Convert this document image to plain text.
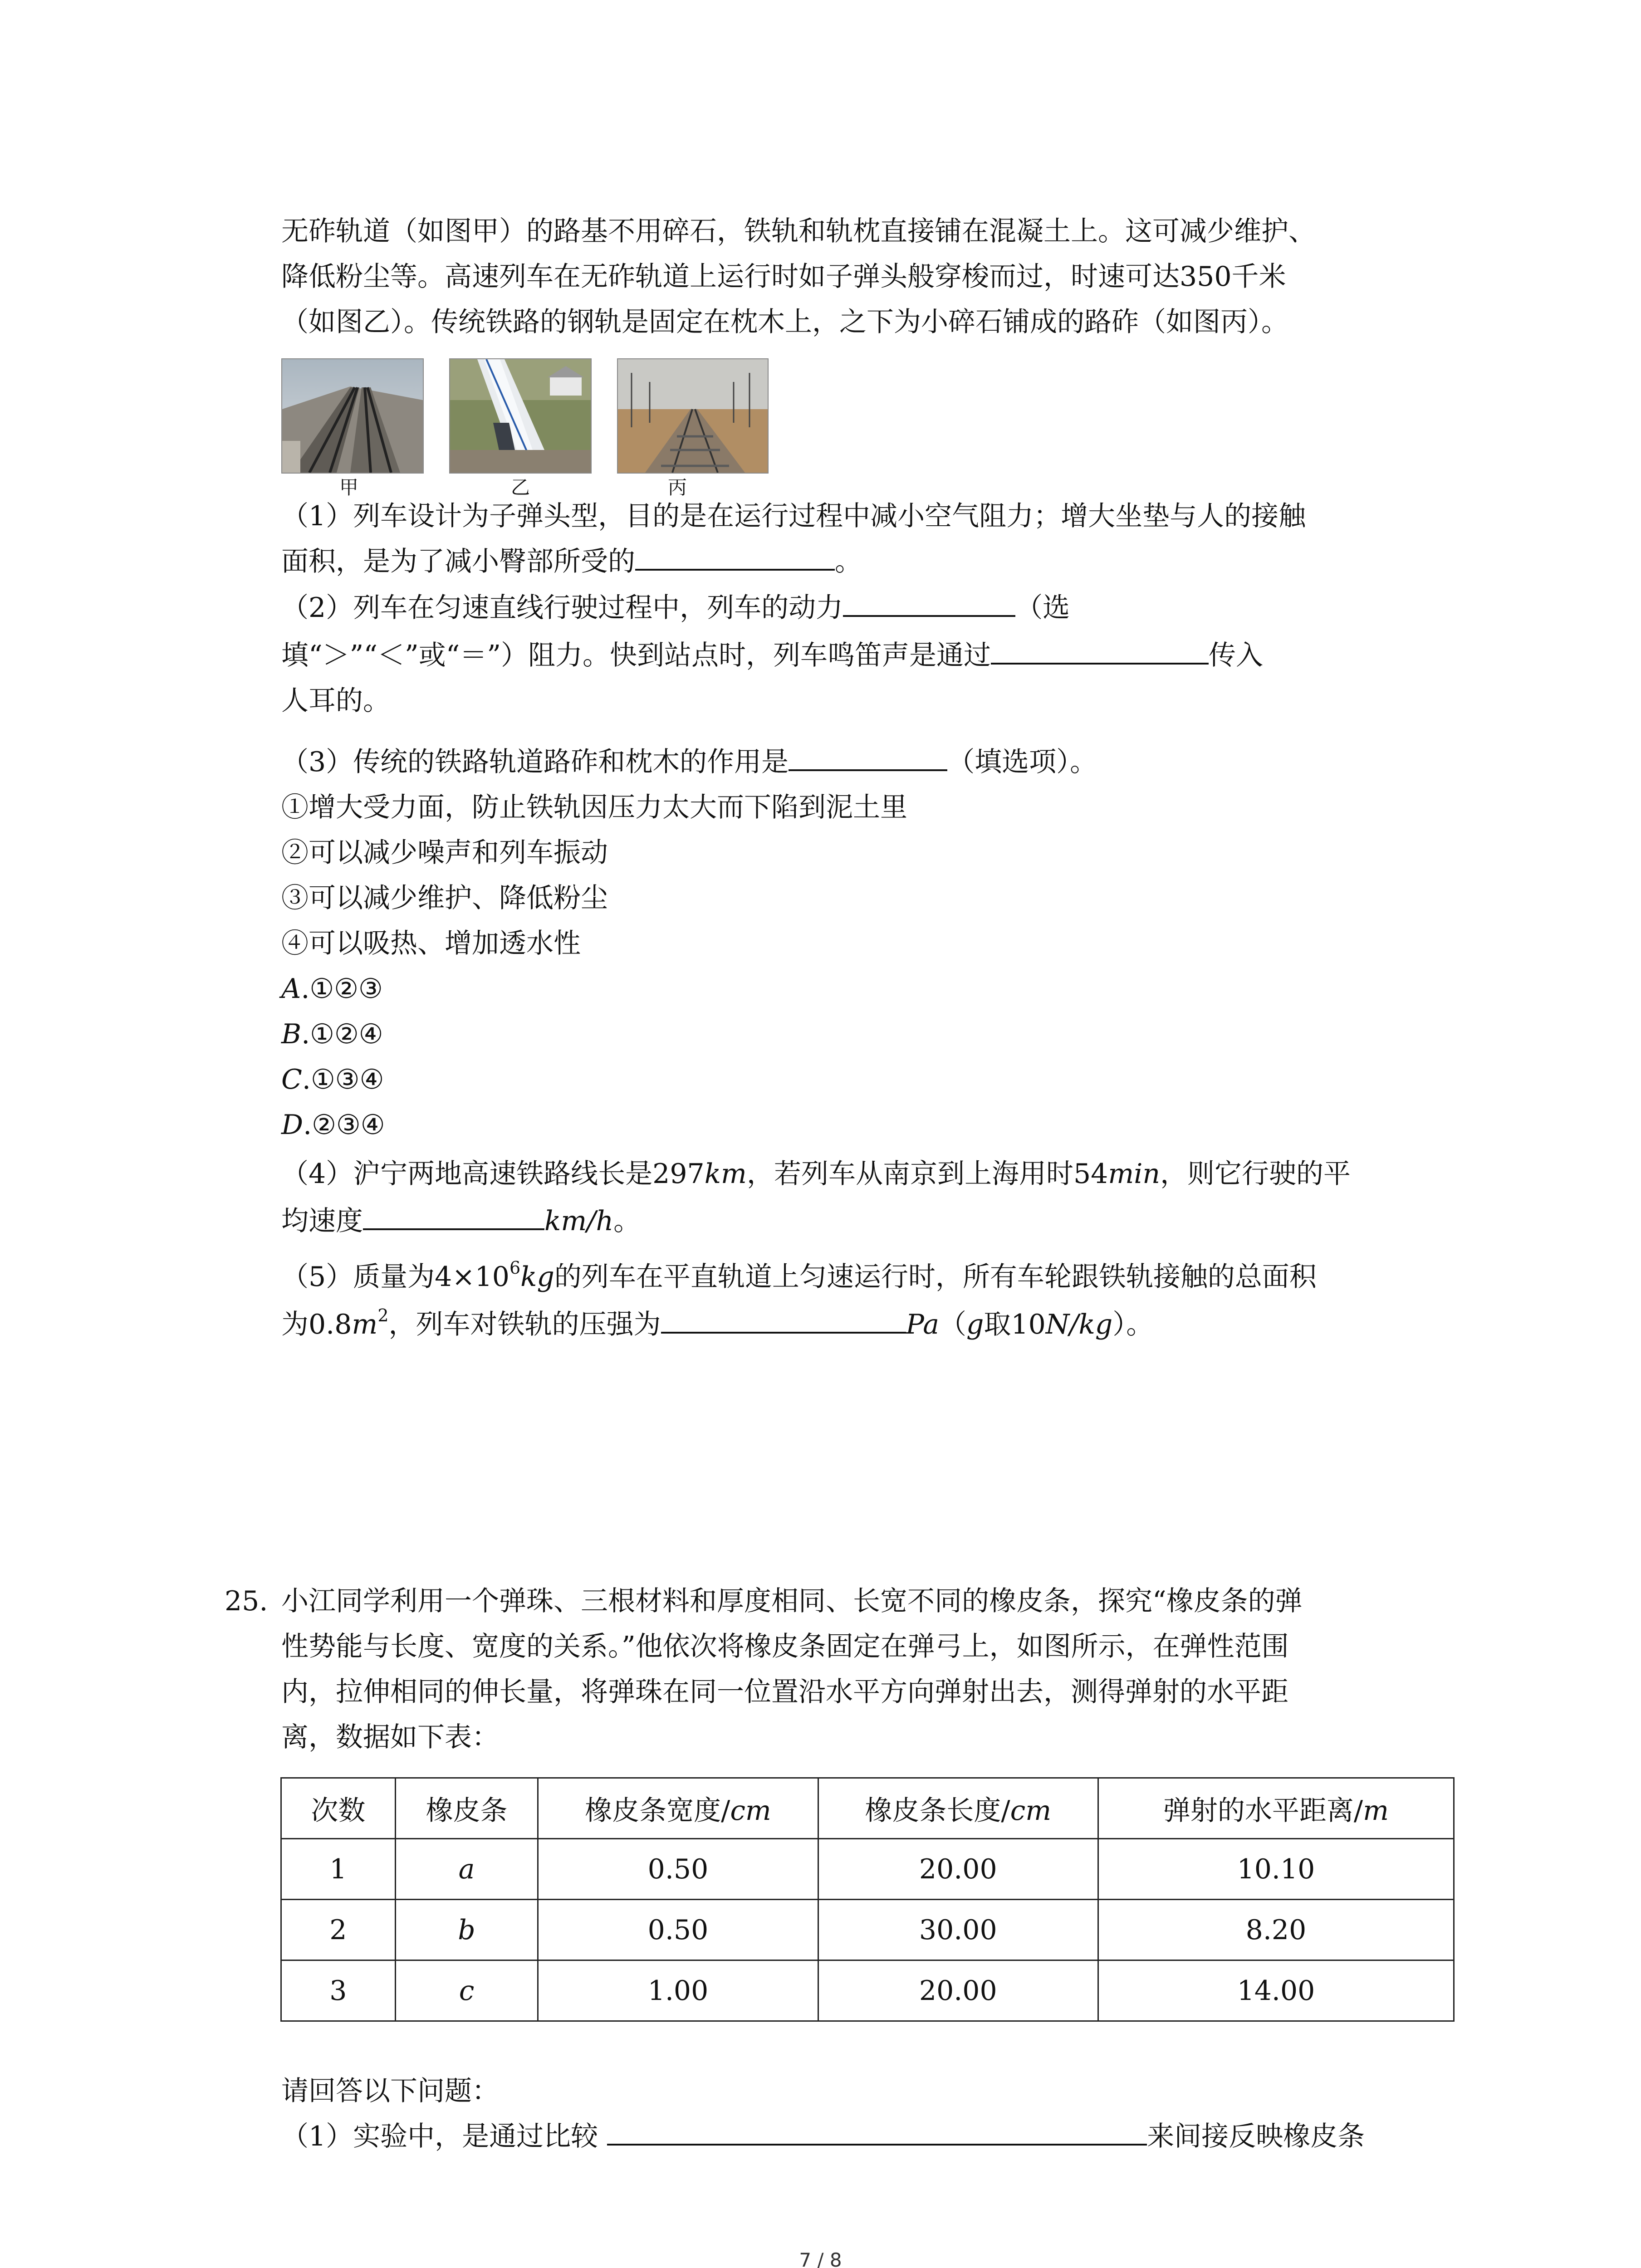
无砟轨道（如图甲）的路基不用碎石，铁轨和轨枕直接铺在混凝土上。这可减少维护、
降低粉尘等。高速列车在无砟轨道上运行时如子弹头般穿梭而过，时速可达350千米
（如图乙）。传统铁路的钢轨是固定在枕木上，之下为小碎石铺成的路砟（如图丙）。
甲	乙	丙
（1）列车设计为子弹头型，目的是在运行过程中减小空气阻力；增大坐垫与人的接触
面积，是为了减小臀部所受的	。
（2）列车在匀速直线行驶过程中，列车的动力	（选
填“＞”“＜”或“＝”）阻力。快到站点时，列车鸣笛声是通过	传入
人耳的。
（3）传统的铁路轨道路砟和枕木的作用是	（填选项）。
①增大受力面，防止铁轨因压力太大而下陷到泥土里
②可以减少噪声和列车振动
③可以减少维护、降低粉尘
④可以吸热、增加透水性
A.①②③
B.①②④
C.①③④
D.②③④
（4）沪宁两地高速铁路线长是297km，若列车从南京到上海用时54min，则它行驶的平
均速度	km/h。
（5）质量为$4\times 10^6kg$的列车在平直轨道上匀速运行时，所有车轮跟铁轨接触的总面积
为$0.8m^2$，列车对铁轨的压强为	Pa（g取10N/kg）。
25. 小江同学利用一个弹珠、三根材料和厚度相同、长宽不同的橡皮条，探究“橡皮条的弹
性势能与长度、宽度的关系。”他依次将橡皮条固定在弹弓上，如图所示，在弹性范围
内，拉伸相同的伸长量，将弹珠在同一位置沿水平方向弹射出去，测得弹射的水平距
离，数据如下表：
次数	橡皮条	橡皮条宽度/cm	橡皮条长度/cm	弹射的水平距离/m
1	a	0.50	20.00	10.10
2	b	0.50	30.00	8.20
3	c	1.00	20.00	14.00
请回答以下问题：
（1）实验中，是通过比较	来间接反映橡皮条
7 / 8
